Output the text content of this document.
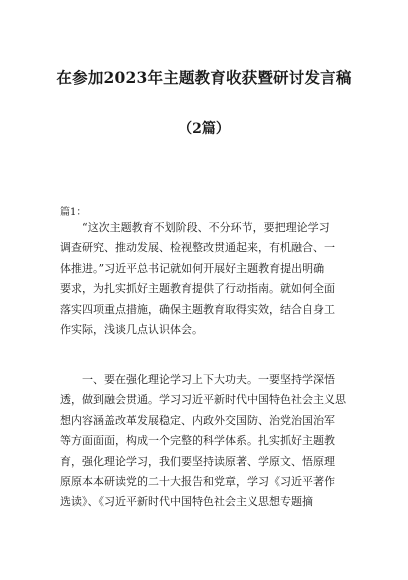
在参加2023年主题教育收获暨研讨发言稿
（2篇）
篇1：
　　“这次主题教育不划阶段、不分环节，要把理论学习
调查研究、推动发展、检视整改贯通起来，有机融合、一
体推进。”习近平总书记就如何开展好主题教育提出明确
要求，为扎实抓好主题教育提供了行动指南。就如何全面
落实四项重点措施，确保主题教育取得实效，结合自身工
作实际，浅谈几点认识体会。
　　一、要在强化理论学习上下大功夫。一要坚持学深悟
透，做到融会贯通。学习习近平新时代中国特色社会主义思
想内容涵盖改革发展稳定、内政外交国防、治党治国治军
等方面面面，构成一个完整的科学体系。扎实抓好主题教
育，强化理论学习，我们要坚持读原著、学原文、悟原理
原原本本研读党的二十大报告和党章，学习《习近平著作
选读》、《习近平新时代中国特色社会主义思想专题摘
